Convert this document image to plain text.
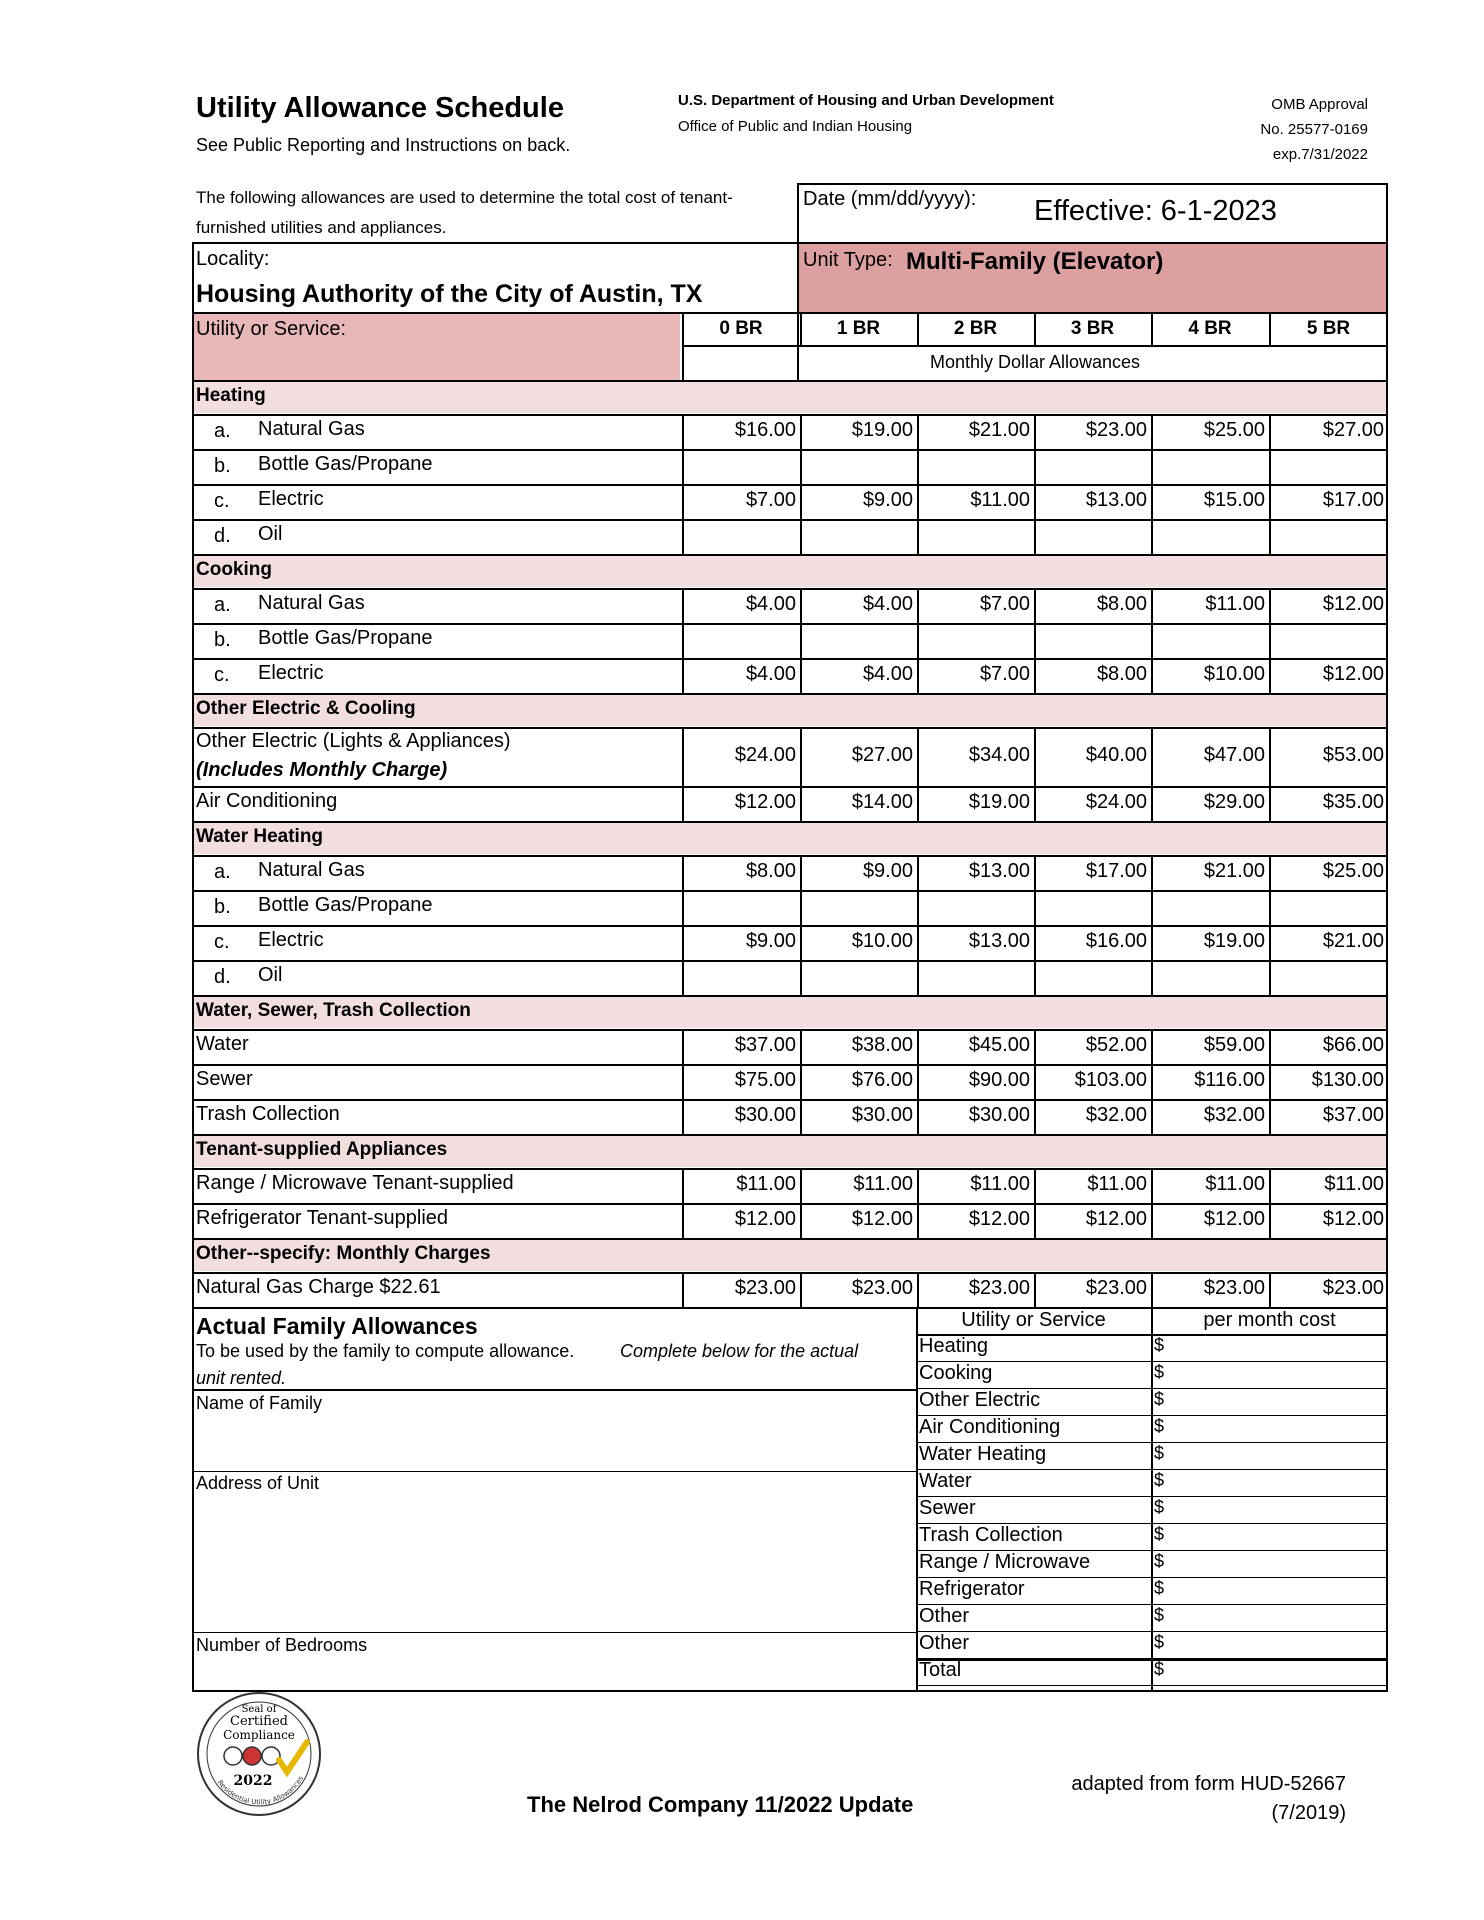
Utility Allowance Schedule
See Public Reporting and Instructions on back.
U.S. Department of Housing and Urban Development
Office of Public and Indian Housing
OMB Approval
No. 25577-0169
exp.7/31/2022
The following allowances are used to determine the total cost of tenant-furnished utilities and appliances.
Date (mm/dd/yyyy): Effective: 6-1-2023
Locality:
Housing Authority of the City of Austin, TX
Unit Type: Multi-Family (Elevator)
Utility or Service:	0 BR	1 BR	2 BR	3 BR	4 BR	5 BR
Monthly Dollar Allowances
Heating
a. Natural Gas	$16.00	$19.00	$21.00	$23.00	$25.00	$27.00
b. Bottle Gas/Propane
c. Electric	$7.00	$9.00	$11.00	$13.00	$15.00	$17.00
d. Oil
Cooking
a. Natural Gas	$4.00	$4.00	$7.00	$8.00	$11.00	$12.00
b. Bottle Gas/Propane
c. Electric	$4.00	$4.00	$7.00	$8.00	$10.00	$12.00
Other Electric & Cooling
Other Electric (Lights & Appliances)
(Includes Monthly Charge)
$24.00	$27.00	$34.00	$40.00	$47.00	$53.00
Air Conditioning	$12.00	$14.00	$19.00	$24.00	$29.00	$35.00
Water Heating
a. Natural Gas	$8.00	$9.00	$13.00	$17.00	$21.00	$25.00
b. Bottle Gas/Propane
c. Electric	$9.00	$10.00	$13.00	$16.00	$19.00	$21.00
d. Oil
Water, Sewer, Trash Collection
Water	$37.00	$38.00	$45.00	$52.00	$59.00	$66.00
Sewer	$75.00	$76.00	$90.00	$103.00	$116.00	$130.00
Trash Collection	$30.00	$30.00	$30.00	$32.00	$32.00	$37.00
Tenant-supplied Appliances
Range / Microwave Tenant-supplied	$11.00	$11.00	$11.00	$11.00	$11.00	$11.00
Refrigerator Tenant-supplied	$12.00	$12.00	$12.00	$12.00	$12.00	$12.00
Other--specify: Monthly Charges
Natural Gas Charge $22.61	$23.00	$23.00	$23.00	$23.00	$23.00	$23.00
Actual Family Allowances
To be used by the family to compute allowance.	Complete below for the actual
unit rented.
Name of Family
Address of Unit
Number of Bedrooms
Utility or Service	per month cost
Heating	$
Cooking	$
Other Electric	$
Air Conditioning	$
Water Heating	$
Water	$
Sewer	$
Trash Collection	$
Range / Microwave	$
Refrigerator	$
Other	$
Other	$
Total	$
Seal of
Certified
Compliance
2022
Residential Utility Allowances
The Nelrod Company 11/2022 Update
adapted from form HUD-52667
(7/2019)
